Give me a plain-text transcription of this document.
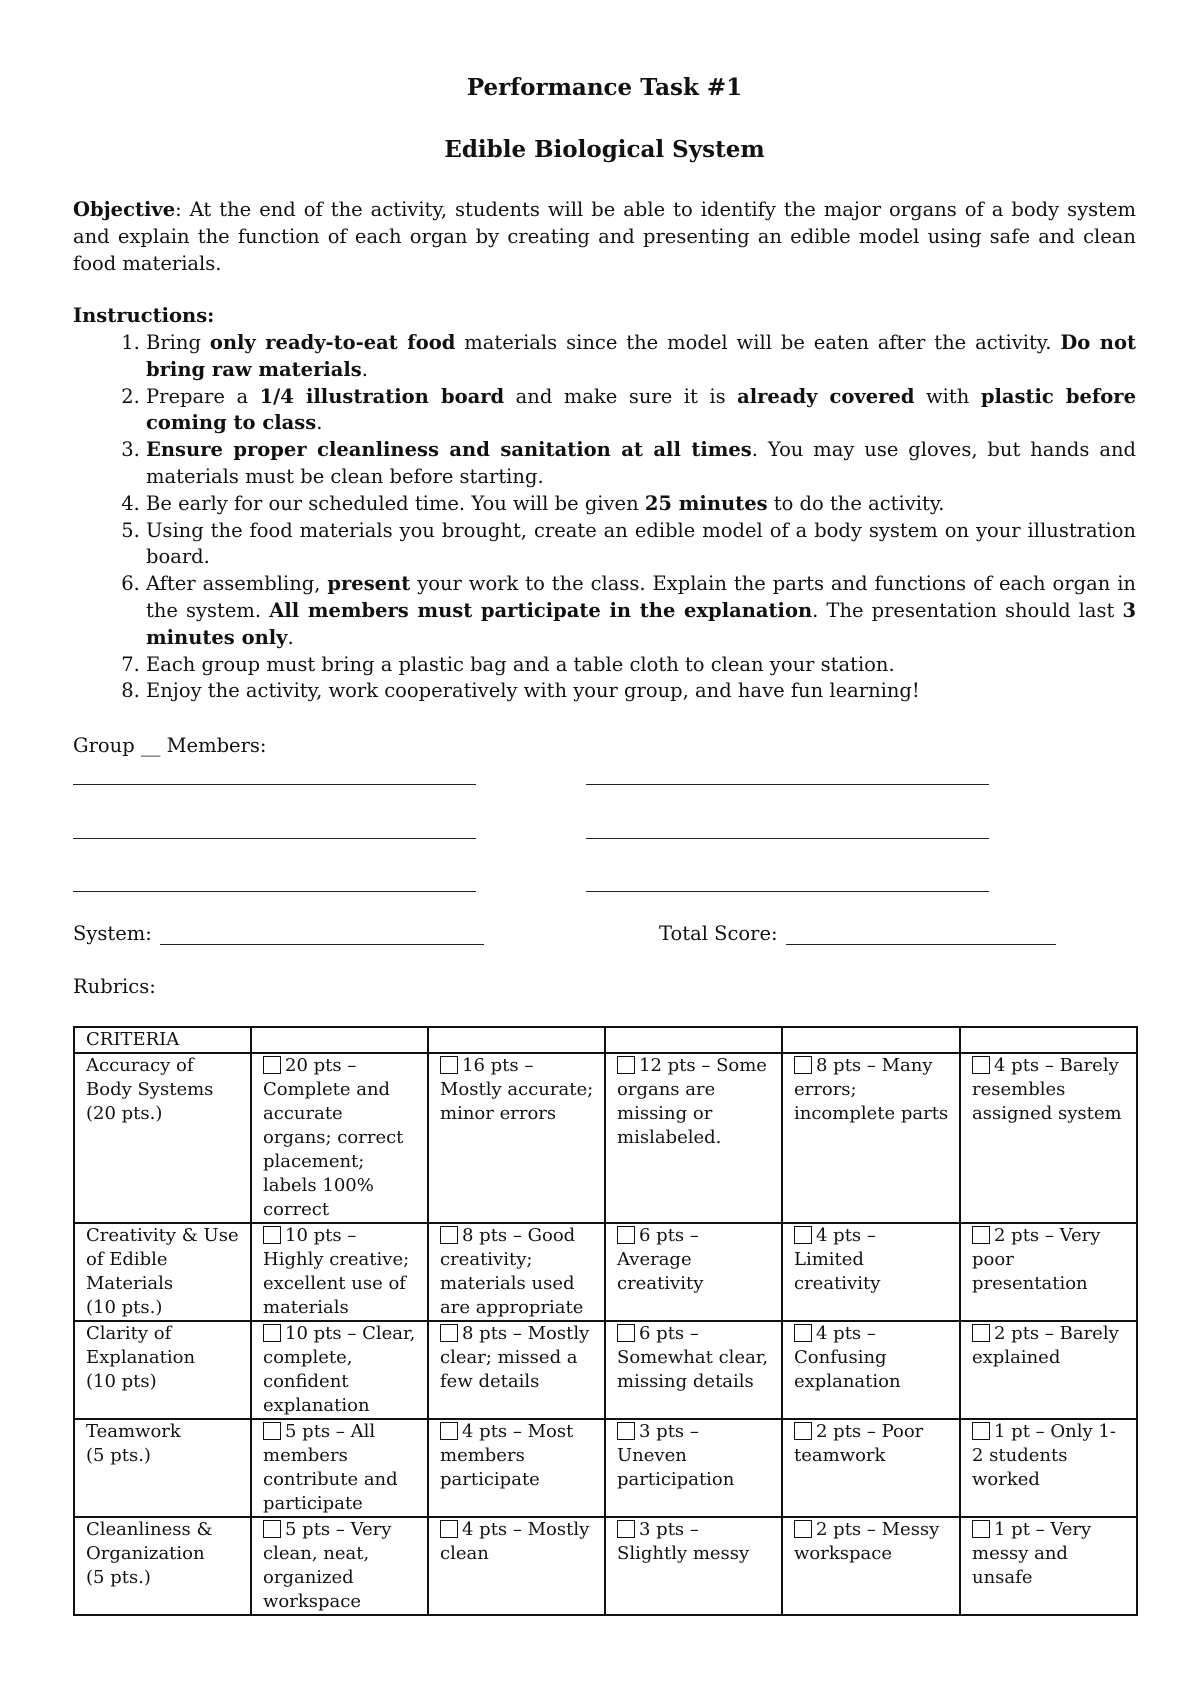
Performance Task #1
Edible Biological System

Objective: At the end of the activity, students will be able to identify the major organs of a body system and explain the function of each organ by creating and presenting an edible model using safe and clean food materials.

Instructions:

1. Bring only ready-to-eat food materials since the model will be eaten after the activity. Do not bring raw materials.
2. Prepare a 1/4 illustration board and make sure it is already covered with plastic before coming to class.
3. Ensure proper cleanliness and sanitation at all times. You may use gloves, but hands and materials must be clean before starting.
4. Be early for our scheduled time. You will be given 25 minutes to do the activity.
5. Using the food materials you brought, create an edible model of a body system on your illustration board.
6. After assembling, present your work to the class. Explain the parts and functions of each organ in the system. All members must participate in the explanation. The presentation should last 3 minutes only.
7. Each group must bring a plastic bag and a table cloth to clean your station.
8. Enjoy the activity, work cooperatively with your group, and have fun learning!

Group __ Members:

System:	Total Score:

Rubrics:

CRITERIA					

Accuracy of
Body Systems
(20 pts.)	20 pts – Complete and accurate organs; correct placement; labels 100% correct	16 pts – Mostly accurate; minor errors	12 pts – Some organs are missing or mislabeled.	8 pts – Many errors; incomplete parts	4 pts – Barely resembles assigned system

Creativity & Use
of Edible
Materials
(10 pts.)	10 pts – Highly creative; excellent use of materials	8 pts – Good creativity; materials used are appropriate	6 pts – Average creativity	4 pts – Limited creativity	2 pts – Very poor presentation

Clarity of
Explanation
(10 pts)	10 pts – Clear, complete, confident explanation	8 pts – Mostly clear; missed a few details	6 pts – Somewhat clear, missing details	4 pts – Confusing explanation	2 pts – Barely explained

Teamwork
(5 pts.)	5 pts – All members contribute and participate	4 pts – Most members participate	3 pts – Uneven participation	2 pts – Poor teamwork	1 pt – Only 1-2 students worked

Cleanliness &
Organization
(5 pts.)	5 pts – Very clean, neat, organized workspace	4 pts – Mostly clean	3 pts – Slightly messy	2 pts – Messy workspace	1 pt – Very messy and unsafe
